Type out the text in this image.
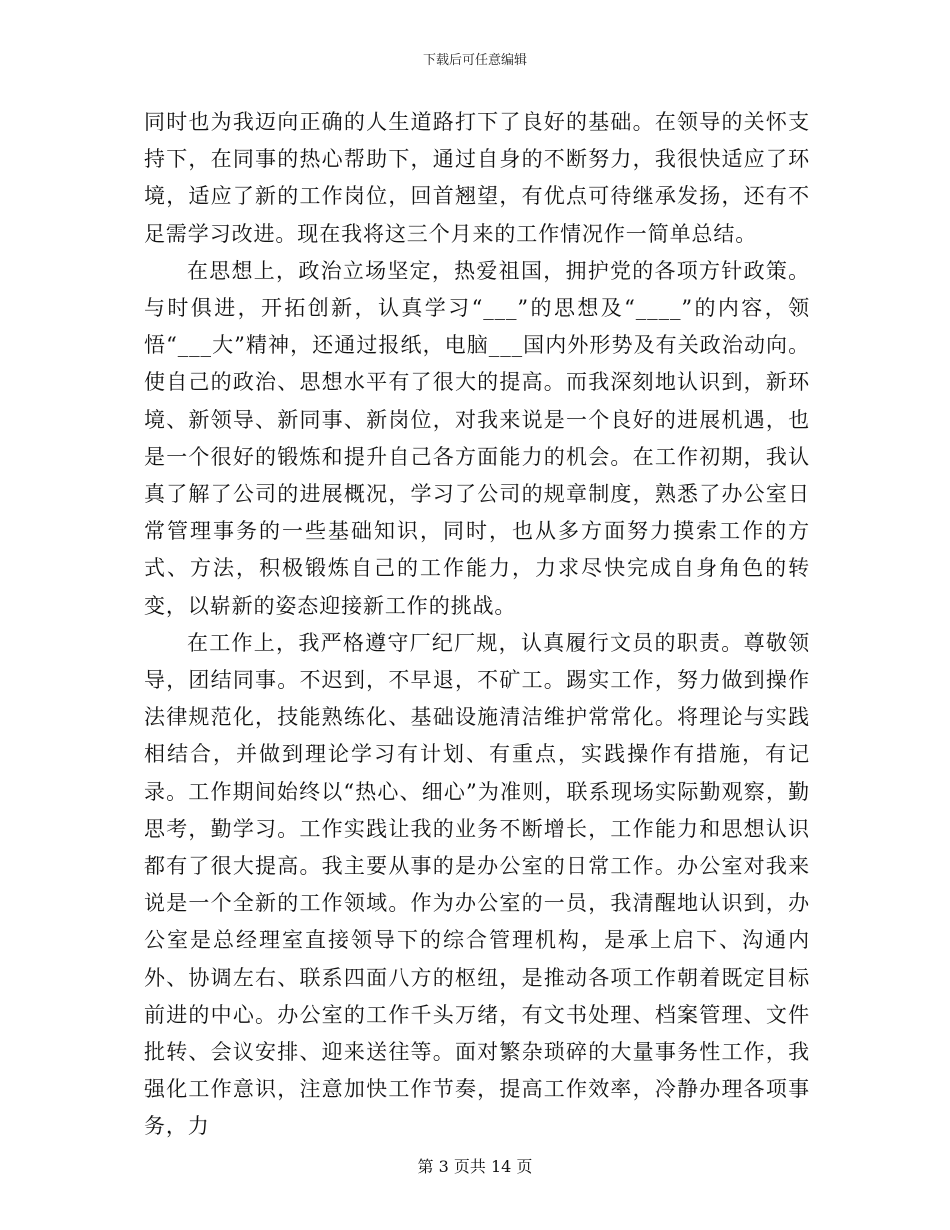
下载后可任意编辑

同时也为我迈向正确的人生道路打下了良好的基础。在领导的关怀支持下，在同事的热心帮助下，通过自身的不断努力，我很快适应了环境，适应了新的工作岗位，回首翘望，有优点可待继承发扬，还有不足需学习改进。现在我将这三个月来的工作情况作一简单总结。

在思想上，政治立场坚定，热爱祖国，拥护党的各项方针政策。与时俱进，开拓创新，认真学习“___”的思想及“____”的内容，领悟“___大”精神，还通过报纸，电脑___国内外形势及有关政治动向。使自己的政治、思想水平有了很大的提高。而我深刻地认识到，新环境、新领导、新同事、新岗位，对我来说是一个良好的进展机遇，也是一个很好的锻炼和提升自己各方面能力的机会。在工作初期，我认真了解了公司的进展概况，学习了公司的规章制度，熟悉了办公室日常管理事务的一些基础知识，同时，也从多方面努力摸索工作的方式、方法，积极锻炼自己的工作能力，力求尽快完成自身角色的转变，以崭新的姿态迎接新工作的挑战。

在工作上，我严格遵守厂纪厂规，认真履行文员的职责。尊敬领导，团结同事。不迟到，不早退，不矿工。踢实工作，努力做到操作法律规范化，技能熟练化、基础设施清洁维护常常化。将理论与实践相结合，并做到理论学习有计划、有重点，实践操作有措施，有记录。工作期间始终以“热心、细心”为准则，联系现场实际勤观察，勤思考，勤学习。工作实践让我的业务不断增长，工作能力和思想认识都有了很大提高。我主要从事的是办公室的日常工作。办公室对我来说是一个全新的工作领域。作为办公室的一员，我清醒地认识到，办公室是总经理室直接领导下的综合管理机构，是承上启下、沟通内外、协调左右、联系四面八方的枢纽，是推动各项工作朝着既定目标前进的中心。办公室的工作千头万绪，有文书处理、档案管理、文件批转、会议安排、迎来送往等。面对繁杂琐碎的大量事务性工作，我强化工作意识，注意加快工作节奏，提高工作效率，冷静办理各项事务，力

第 3 页共 14 页
